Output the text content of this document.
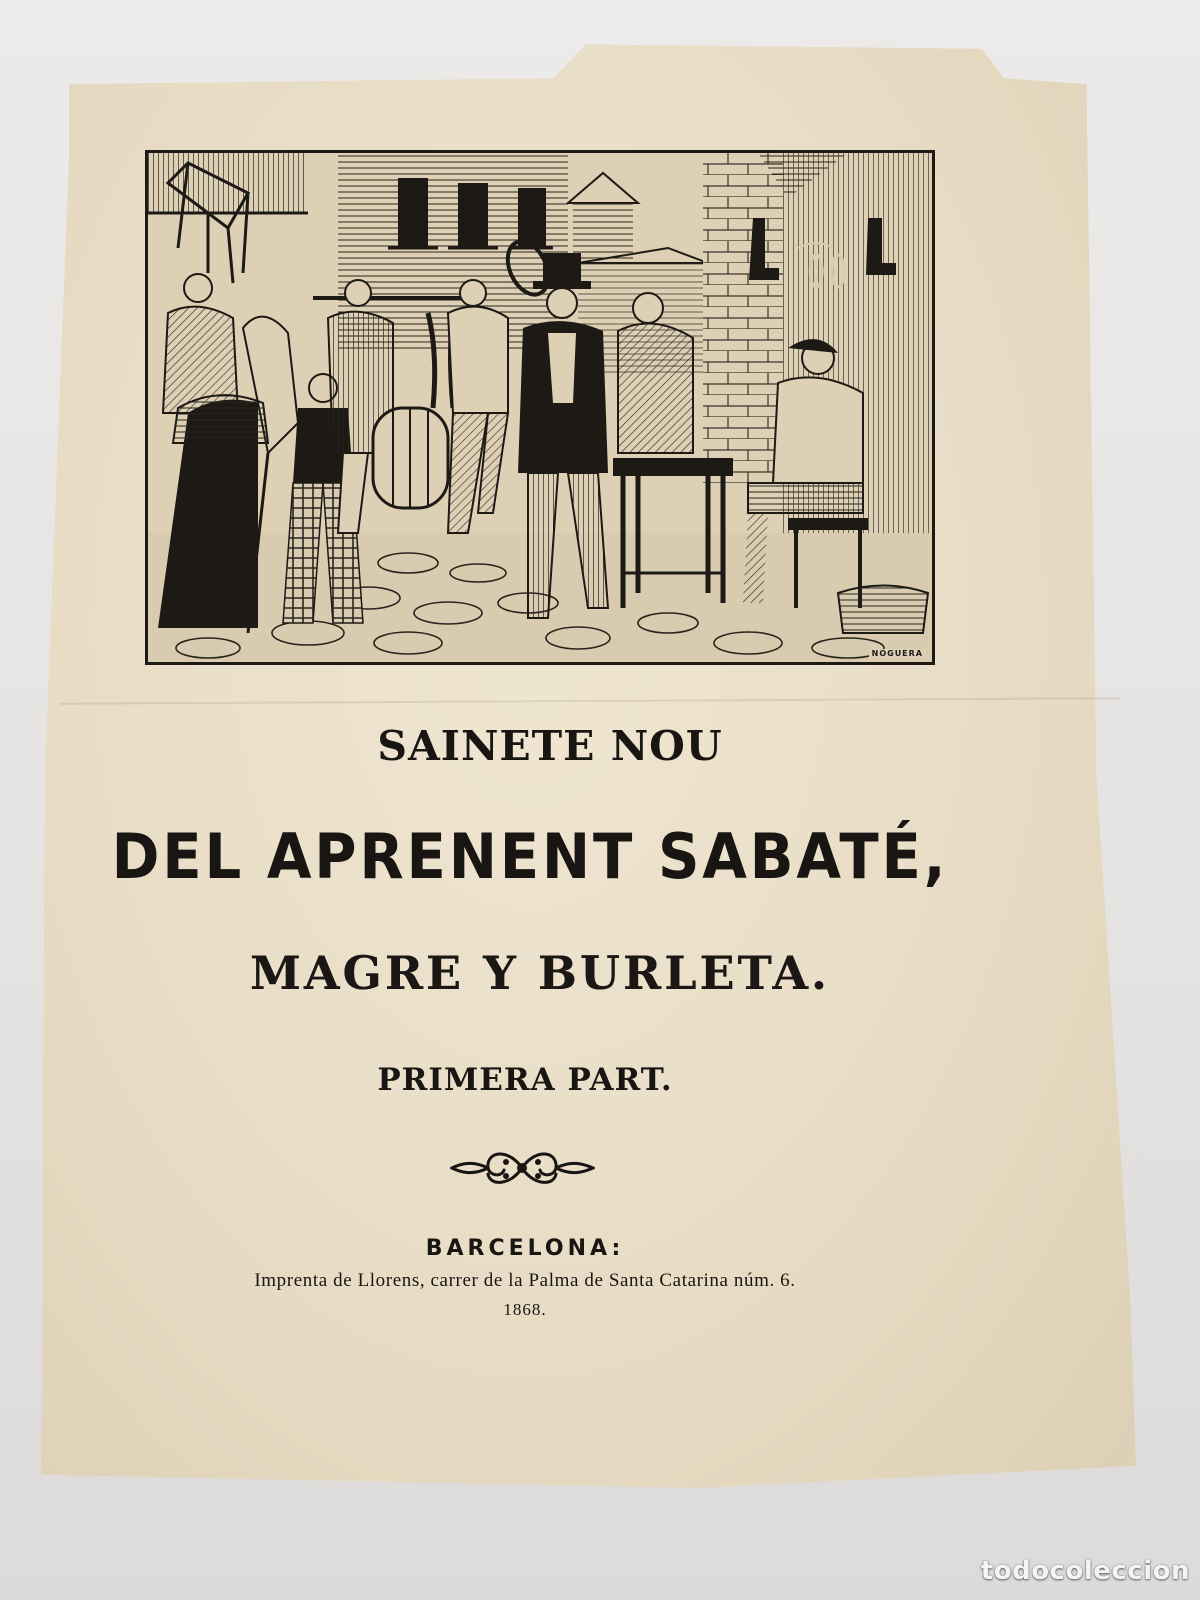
NOGUERA
SAINETE NOU
DEL APRENENT SABATÉ,
MAGRE Y BURLETA.
PRIMERA PART.
BARCELONA:
Imprenta de Llorens, carrer de la Palma de Santa Catarina núm. 6.
1868.
todocoleccion
